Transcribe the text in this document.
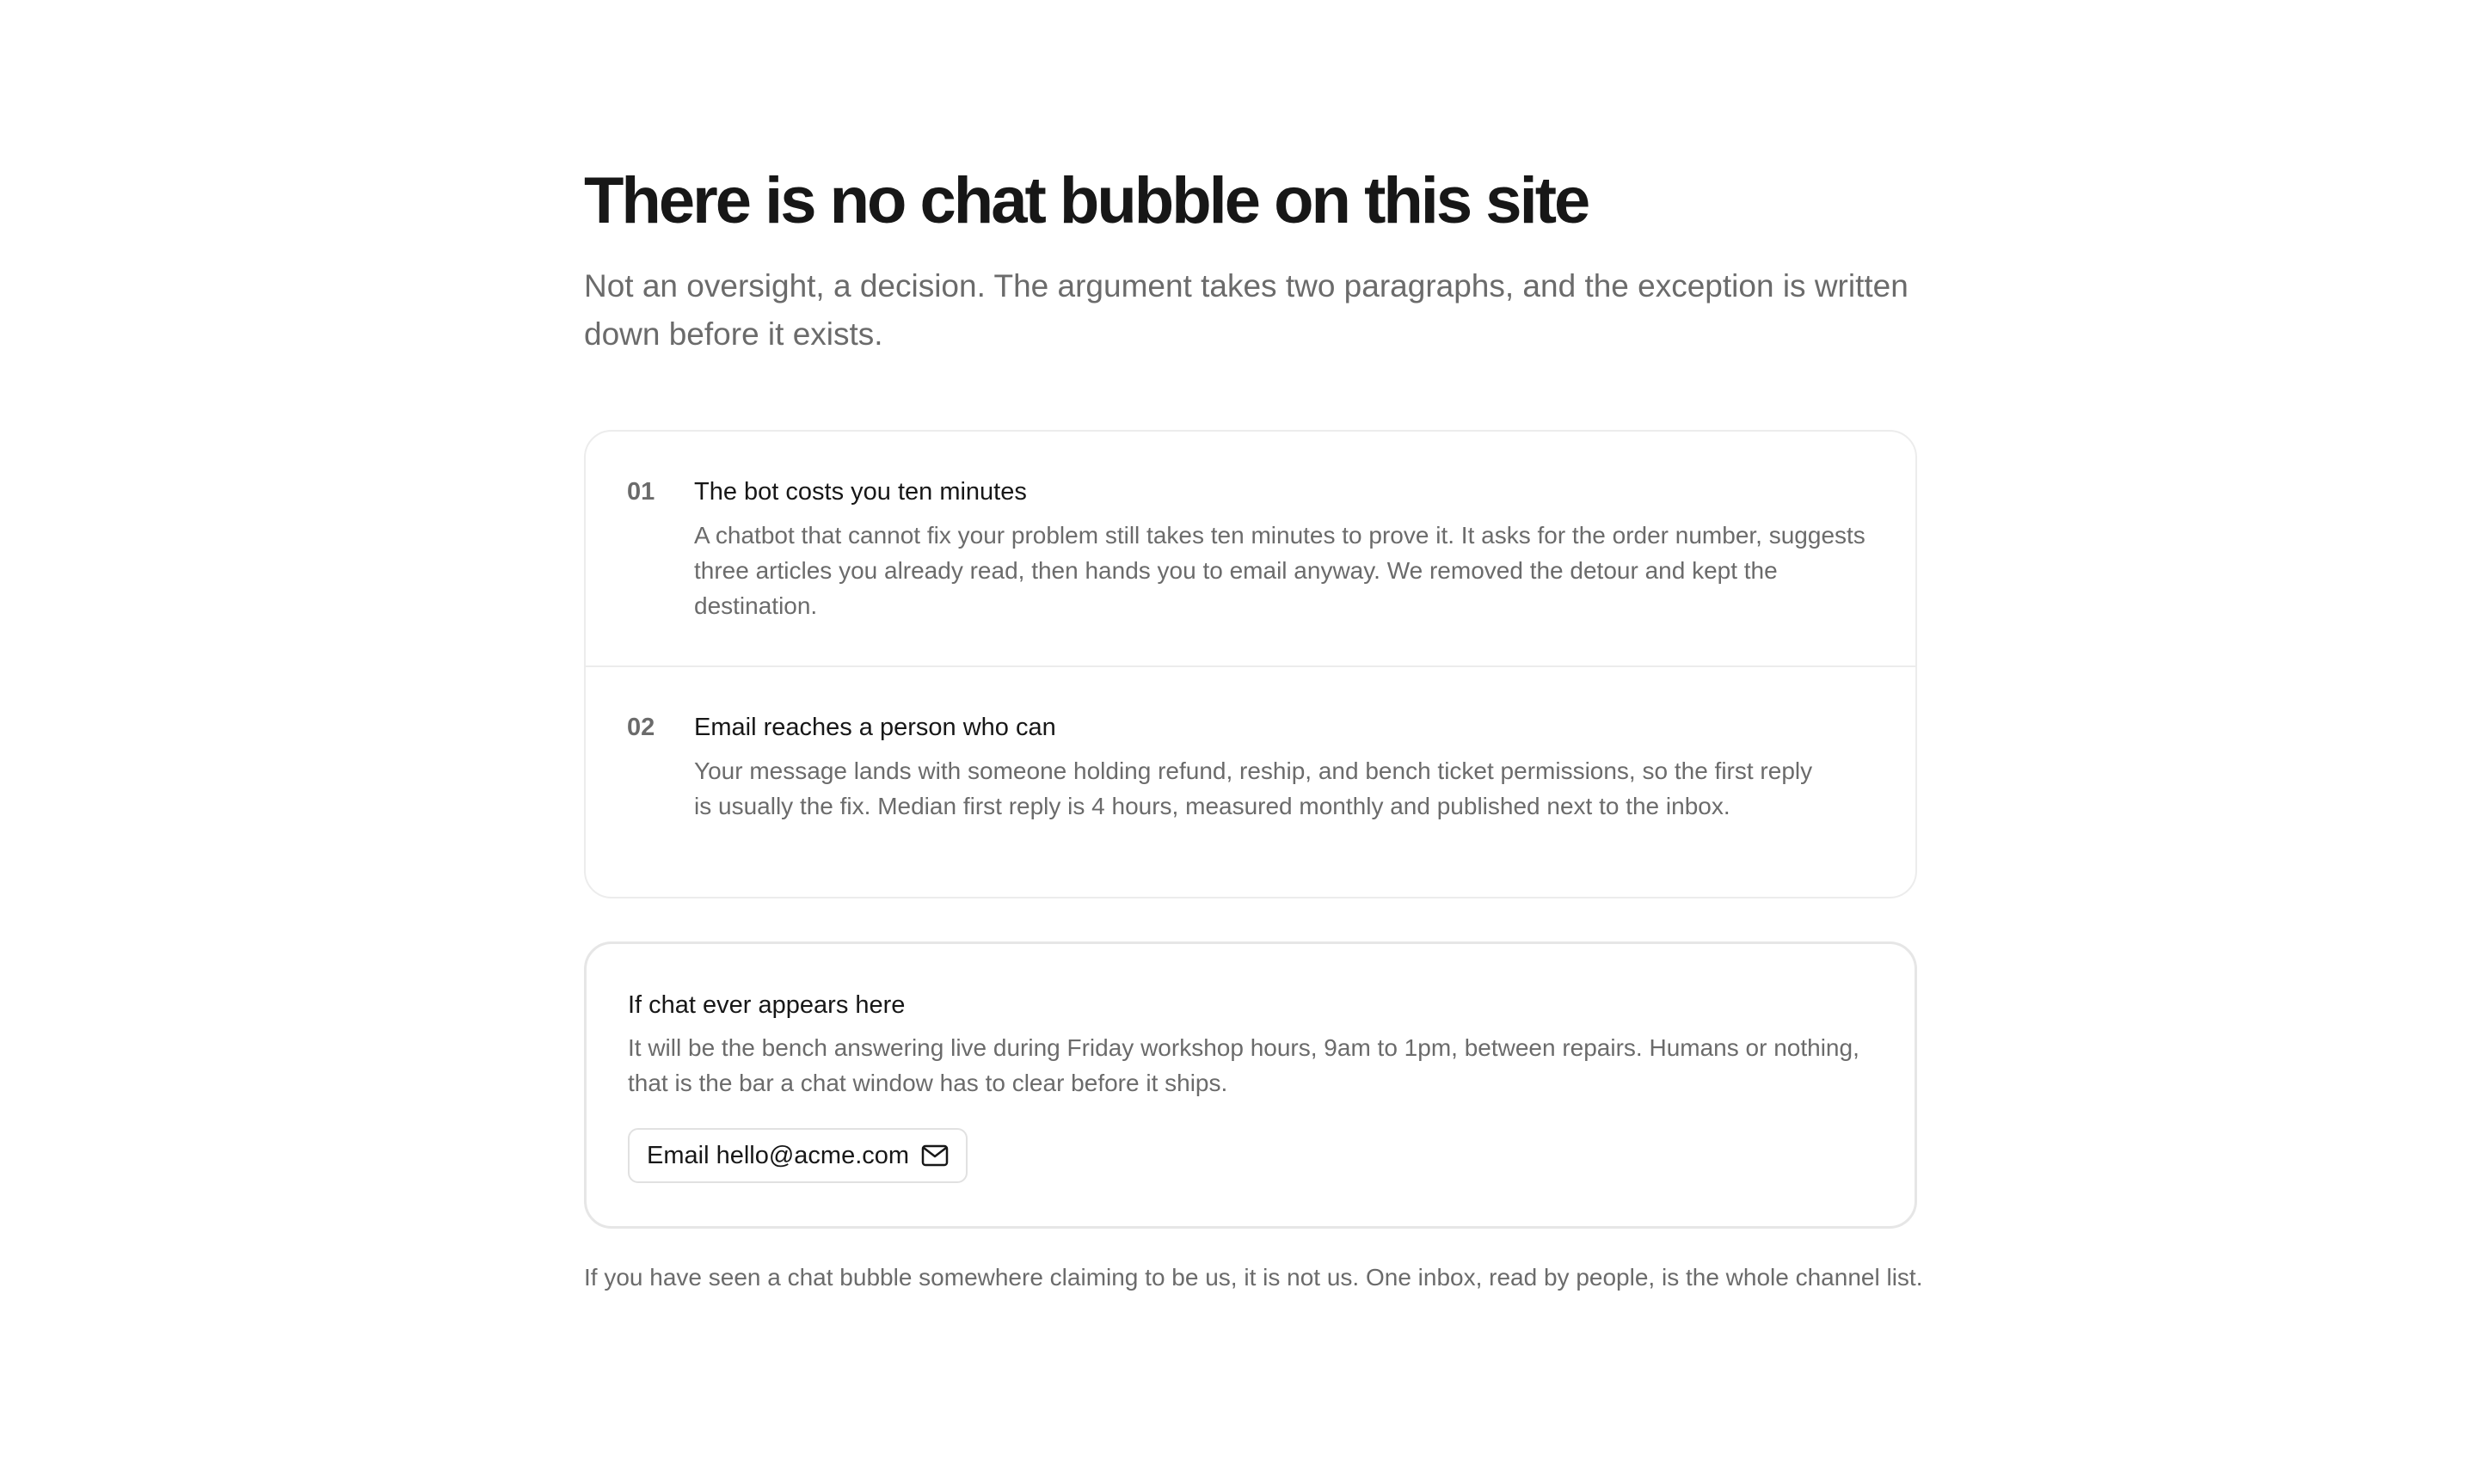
There is no chat bubble on this site

Not an oversight, a decision. The argument takes two paragraphs, and the exception is written down before it exists.

01 The bot costs you ten minutes

A chatbot that cannot fix your problem still takes ten minutes to prove it. It asks for the order number, suggests three articles you already read, then hands you to email anyway. We removed the detour and kept the destination.

02 Email reaches a person who can

Your message lands with someone holding refund, reship, and bench ticket permissions, so the first reply is usually the fix. Median first reply is 4 hours, measured monthly and published next to the inbox.

If chat ever appears here

It will be the bench answering live during Friday workshop hours, 9am to 1pm, between repairs. Humans or nothing, that is the bar a chat window has to clear before it ships.

Email hello@acme.com

If you have seen a chat bubble somewhere claiming to be us, it is not us. One inbox, read by people, is the whole channel list.
